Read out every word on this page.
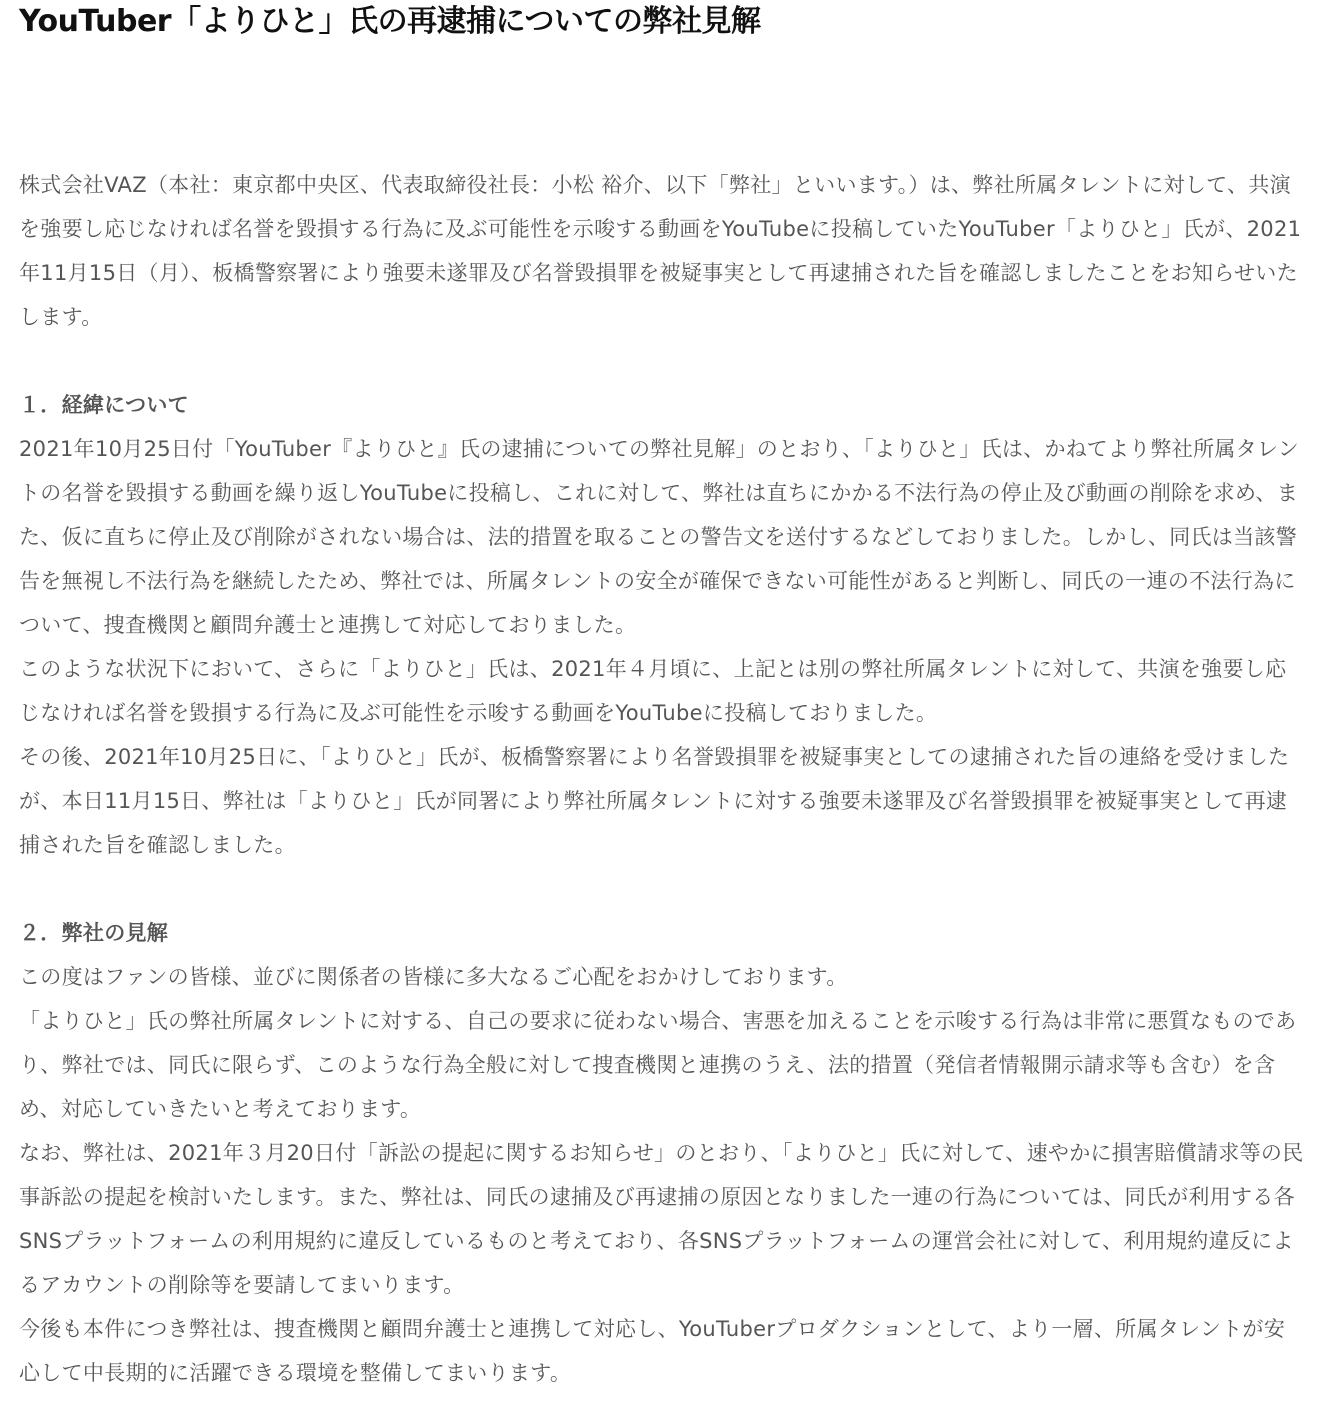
YouTuber「よりひと」氏の再逮捕についての弊社見解

株式会社VAZ（本社：東京都中央区、代表取締役社長：小松 裕介、以下「弊社」といいます。）は、弊社所属タレントに対して、共演を強要し応じなければ名誉を毀損する行為に及ぶ可能性を示唆する動画をYouTubeに投稿していたYouTuber「よりひと」氏が、2021年11月15日（月）、板橋警察署により強要未遂罪及び名誉毀損罪を被疑事実として再逮捕された旨を確認しましたことをお知らせいたします。

１．経緯について

2021年10月25日付「YouTuber『よりひと』氏の逮捕についての弊社見解」のとおり、「よりひと」氏は、かねてより弊社所属タレントの名誉を毀損する動画を繰り返しYouTubeに投稿し、これに対して、弊社は直ちにかかる不法行為の停止及び動画の削除を求め、また、仮に直ちに停止及び削除がされない場合は、法的措置を取ることの警告文を送付するなどしておりました。しかし、同氏は当該警告を無視し不法行為を継続したため、弊社では、所属タレントの安全が確保できない可能性があると判断し、同氏の一連の不法行為について、捜査機関と顧問弁護士と連携して対応しておりました。

このような状況下において、さらに「よりひと」氏は、2021年４月頃に、上記とは別の弊社所属タレントに対して、共演を強要し応じなければ名誉を毀損する行為に及ぶ可能性を示唆する動画をYouTubeに投稿しておりました。

その後、2021年10月25日に、「よりひと」氏が、板橋警察署により名誉毀損罪を被疑事実としての逮捕された旨の連絡を受けましたが、本日11月15日、弊社は「よりひと」氏が同署により弊社所属タレントに対する強要未遂罪及び名誉毀損罪を被疑事実として再逮捕された旨を確認しました。

２．弊社の見解

この度はファンの皆様、並びに関係者の皆様に多大なるご心配をおかけしております。

「よりひと」氏の弊社所属タレントに対する、自己の要求に従わない場合、害悪を加えることを示唆する行為は非常に悪質なものであり、弊社では、同氏に限らず、このような行為全般に対して捜査機関と連携のうえ、法的措置（発信者情報開示請求等も含む）を含め、対応していきたいと考えております。

なお、弊社は、2021年３月20日付「訴訟の提起に関するお知らせ」のとおり、「よりひと」氏に対して、速やかに損害賠償請求等の民事訴訟の提起を検討いたします。また、弊社は、同氏の逮捕及び再逮捕の原因となりました一連の行為については、同氏が利用する各SNSプラットフォームの利用規約に違反しているものと考えており、各SNSプラットフォームの運営会社に対して、利用規約違反によるアカウントの削除等を要請してまいります。

今後も本件につき弊社は、捜査機関と顧問弁護士と連携して対応し、YouTuberプロダクションとして、より一層、所属タレントが安心して中長期的に活躍できる環境を整備してまいります。
